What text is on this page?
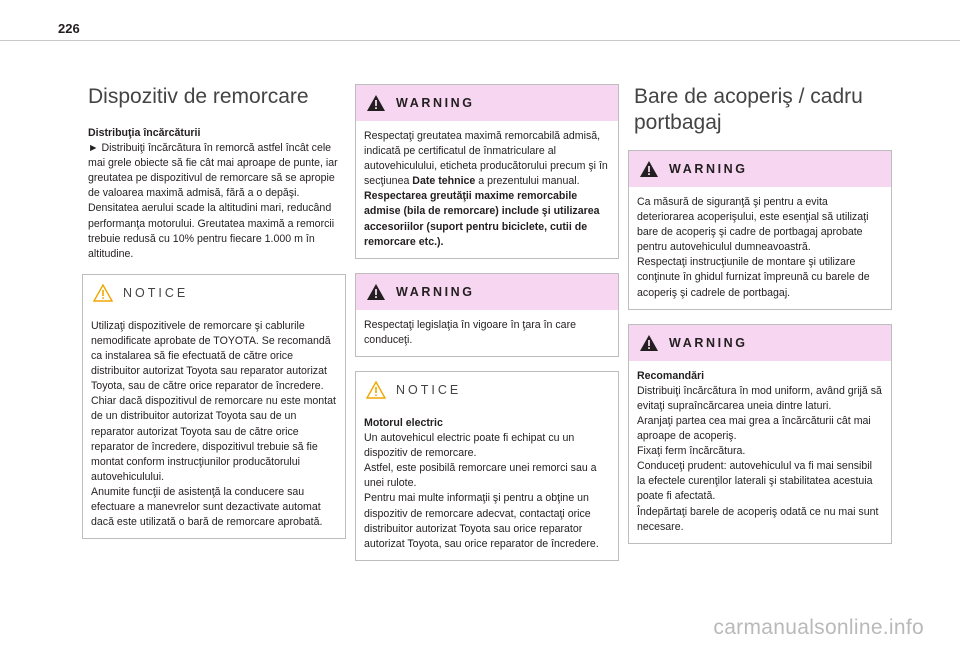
226
Dispozitiv de remorcare

Distribuţia încărcăturii

► Distribuiţi încărcătura în remorcă astfel încât cele mai grele obiecte să fie cât mai aproape de punte, iar greutatea pe dispozitivul de remorcare să se apropie de valoarea maximă admisă, fără a o depăşi.

Densitatea aerului scade la altitudini mari, reducând performanţa motorului. Greutatea maximă a remorcii trebuie redusă cu 10% pentru fiecare 1.000 m în altitudine.

NOTICE

Utilizaţi dispozitivele de remorcare şi cablurile nemodificate aprobate de TOYOTA. Se recomandă ca instalarea să fie efectuată de către orice distribuitor autorizat Toyota sau reparator autorizat Toyota, sau de către orice reparator de încredere.

Chiar dacă dispozitivul de remorcare nu este montat de un distribuitor autorizat Toyota sau de un reparator autorizat Toyota sau de către orice reparator de încredere, dispozitivul trebuie să fie montat conform instrucţiunilor producătorului autovehiculului.

Anumite funcţii de asistenţă la conducere sau efectuare a manevrelor sunt dezactivate automat dacă este utilizată o bară de remorcare aprobată.

WARNING

Respectaţi greutatea maximă remorcabilă admisă, indicată pe certificatul de înmatriculare al autovehiculului, eticheta producătorului precum şi în secţiunea Date tehnice a prezentului manual.

Respectarea greutăţii maxime remorcabile admise (bila de remorcare) include şi utilizarea accesoriilor (suport pentru biciclete, cutii de remorcare etc.).

WARNING

Respectaţi legislaţia în vigoare în ţara în care conduceţi.

NOTICE

Motorul electric

Un autovehicul electric poate fi echipat cu un dispozitiv de remorcare.

Astfel, este posibilă remorcare unei remorci sau a unei rulote.

Pentru mai multe informaţii şi pentru a obţine un dispozitiv de remorcare adecvat, contactaţi orice distribuitor autorizat Toyota sau orice reparator autorizat Toyota, sau orice reparator de încredere.

Bare de acoperiş / cadru portbagaj
WARNING

Ca măsură de siguranţă şi pentru a evita deteriorarea acoperişului, este esenţial să utilizaţi bare de acoperiş şi cadre de portbagaj aprobate pentru autovehiculul dumneavoastră.

Respectaţi instrucţiunile de montare şi utilizare conţinute în ghidul furnizat împreună cu barele de acoperiş şi cadrele de portbagaj.

WARNING

Recomandări

Distribuiţi încărcătura în mod uniform, având grijă să evitaţi supraîncărcarea uneia dintre laturi.

Aranjaţi partea cea mai grea a încărcăturii cât mai aproape de acoperiş.

Fixaţi ferm încărcătura.

Conduceţi prudent: autovehiculul va fi mai sensibil la efectele curenţilor laterali şi stabilitatea acestuia poate fi afectată.

Îndepărtaţi barele de acoperiş odată ce nu mai sunt necesare.

carmanualsonline.info
